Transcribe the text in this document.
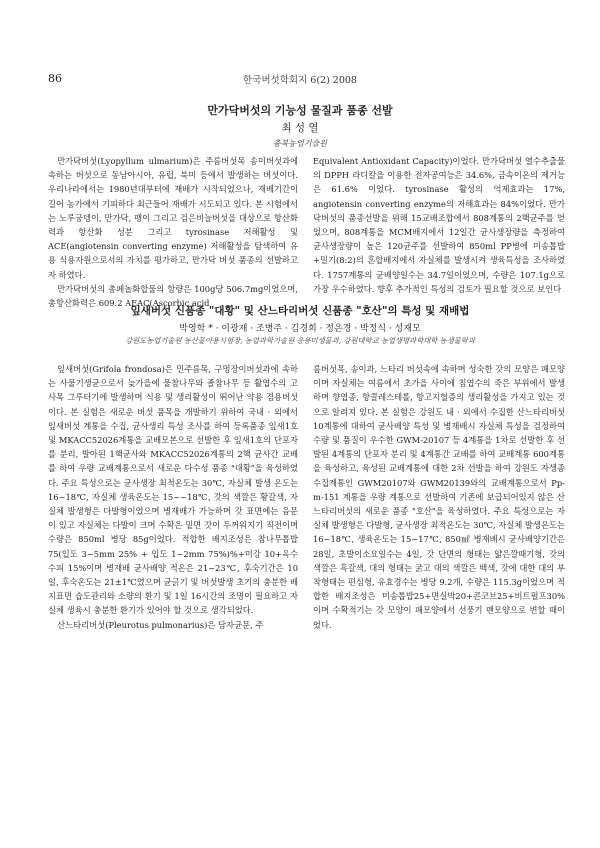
86	한국버섯학회지 6(2) 2008
만가닥버섯의 기능성 물질과 품종 선발
최 성 열
충북농업기술원

만가닥버섯(Lyopyllum ulmarium)은 주름버섯목 송이버섯과에 속하는 버섯으로 동남아시아, 유럽, 북미 등에서 발생하는 버섯이다. 우리나라에서는 1980년대부터에 재배가 시작되었으나, 재배기간이 길어 농가에서 기피하다 최근들어 재배가 시도되고 있다. 본 시험에서는 노루궁뎅이, 만가닥, 팽이 그리고 검은비늘버섯을 대상으로 항산화력과 항산화 성분 그리고 tyrosinase 저해활성 및 ACE(angiotensin converting enzyme) 저해활성을 탐색하여 유용 식용자원으로서의 가치를 평가하고, 만가닥 버섯 품종의 선발하고자 하였다.

만가닥버섯의 총페놀화합물의 함량은 100g당 506.7mg이었으며, 총항산화력은 609.2 AEAC(Ascorbic acid

Equivalent Antioxidant Capacity)이었다. 만가닥버섯 열수추출물의 DPPH 라디칼을 이용한 전자공여능은 34.6%, 금속이온의 제거능은 61.6% 이었다. tyrosinase 활성의 억제효과는 17%, angiotensin converting enzyme의 저해효과는 84%이었다. 만가닥버섯의 품종선발을 위해 15교배조합에서 808계통의 2핵균주를 얻었으며, 808계통을 MCM배지에서 12일간 균사생장량을 측정하여 균사생장량이 높은 120균주를 선발하여 850ml PP병에 미송톱밥+밀기(8:2)의 혼합배지에서 자실체를 발생시켜 생육특성을 조사하였다. 1757계통의 균배양일수는 34.7일이었으며, 수량은 107.1g으로 가장 우수하였다. 향후 추가적인 특성의 검토가 필요할 것으로 보인다

잎새버섯 신품종 "대황" 및 산느타리버섯 신품종 "호산"의 특성 및 재배법
박영학 * · 이광재 · 조병주 · 김경희 · 정은경 · 박정식 · 성재모
강원도농업기술원 농산물이용시험장, 농업과학기술원 응용미생물과, 강원대학교 농업생명과학대학 농생물학과

잎새버섯(Grifola frondosa)은 민주름목, 구멍장이버섯과에 속하는 사물기생균으로서 늦가을에 물참나무와 졸참나무 등 활엽수의 고사목 그루터기에 발생하며 식용 및 생리활성이 뛰어난 약용 겸용버섯이다. 본 실험은 새로운 버섯 품목을 개발하기 위하여 국내 · 외에서 잎새버섯 계통을 수집, 균사생리 특성 조사를 하여 등록품종 잎새1호 및 MKACC52026계통을 교배모본으로 선발한 후 잎새1호의 단포자를 분리, 발아된 1핵균사와 MKACC52026계통의 2핵 균사간 교배를 하여 우량 교배계통으로서 새로운 다수성 품종 "대황"을 육성하였다. 주요 특성으로는 균사생장 최적온도는 30℃, 자실체 발생 온도는 16~18℃, 자실체 생육온도는 15~~18℃, 갓의 색깔은 황갈색, 자실체 발생형은 다발형이었으며 병재배가 가능하며 갓 표면에는 음문이 있고 자실체는 다발이 크며 수확은 밑면 갓이 두꺼워지기 직전이며 수량은 850ml 병당 85g이었다. 적합한 배지조성은 참나무톱밥 75(입도 3~5mm 25% + 입도 1~2mm 75%)%+미강 10+옥수수피 15%이며 병재배 균사배양 적온은 21~23℃, 후숙기간은 10일, 후숙온도는 21±1℃였으며 균긁기 및 버섯발생 초기의 충분한 배지표면 습도관리와 소량의 환기 및 1일 16시간의 조명이 필요하고 자실체 생육시 충분한 환기가 있어야 할 것으로 생각되었다.

산느타리버섯(Pleurotus pulmonarius)은 담자균문, 주

름버섯목, 송이과, 느타리 버섯속에 속하며 성숙한 갓의 모양은 패모양이며 자실체는 여름에서 초가을 사이에 침엽수의 죽은 부위에서 발생하며 향엽종, 항콜레스테롤, 항고지혈증의 생리활성을 가지고 있는 것으로 알려져 있다. 본 실험은 강원도 내 · 외에서 수집한 산느타리버섯 10계통에 대하여 균사배양 특성 및 병재배시 자실체 특성을 검정하여 수량 및 품질이 우수한 GWM-20107 등 4계통을 1차로 선발한 후 선발된 4계통의 단포자 분리 및 4계통간 교배를 하여 교배계통 600계통을 육성하고, 육성된 교배계통에 대한 2차 선발을 하여 강원도 자생종 수집계통인 GWM20107와 GWM20139와의 교배계통으로서 Pp-m-151 계통을 우량 계통으로 선발하여 기존에 보급되어있지 않은 산느타리버섯의 새로운 품종 "호산"을 육성하였다. 주요 특성으로는 자실체 발생형은 다발형, 균사생장 최적온도는 30℃, 자실체 발생온도는 16~18℃, 생육온도는 15~17℃, 850㎖ 병재배시 균사배양기간은 28일, 초발이소요일수는 4일, 갓 단면의 형태는 얇은깔때기형, 갓의 색깔은 흑갈색, 대의 형태는 굵고 대의 색깔은 백색, 갓에 대한 대의 부착형태는 편심형, 유효경수는 병당 9.2개, 수량은 115.3g이었으며 적합한 배지조성은 미송톱밥25+면실박20+콘코브25+비트펄프30%이며 수확적기는 갓 모양이 패모양에서 선풍기 팬모양으로 변할 때이었다.
